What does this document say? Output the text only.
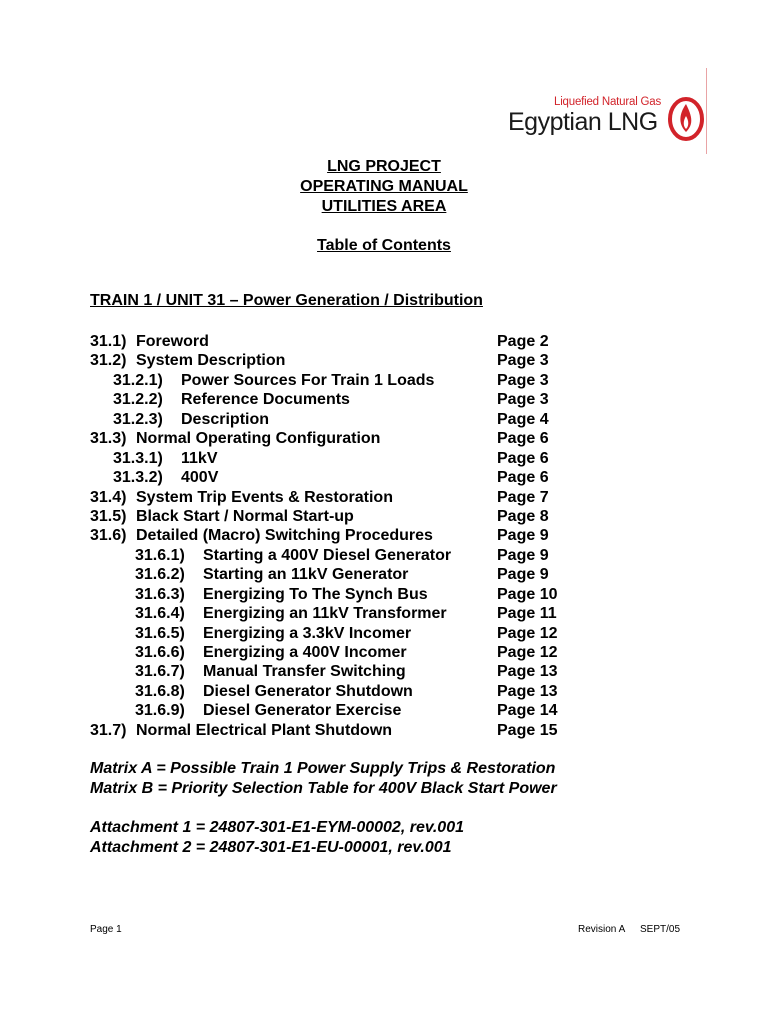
Liquefied Natural Gas
Egyptian LNG
LNG PROJECT
OPERATING MANUAL
UTILITIES AREA
Table of Contents
TRAIN 1 / UNIT 31 – Power Generation / Distribution
31.1) Foreword	Page 2
31.2) System Description	Page 3
31.2.1) Power Sources For Train 1 Loads	Page 3
31.2.2) Reference Documents	Page 3
31.2.3) Description	Page 4
31.3) Normal Operating Configuration	Page 6
31.3.1) 11kV	Page 6
31.3.2) 400V	Page 6
31.4) System Trip Events & Restoration	Page 7
31.5) Black Start / Normal Start-up	Page 8
31.6) Detailed (Macro) Switching Procedures	Page 9
31.6.1) Starting a 400V Diesel Generator	Page 9
31.6.2) Starting an 11kV Generator	Page 9
31.6.3) Energizing To The Synch Bus	Page 10
31.6.4) Energizing an 11kV Transformer	Page 11
31.6.5) Energizing a 3.3kV Incomer	Page 12
31.6.6) Energizing a 400V Incomer	Page 12
31.6.7) Manual Transfer Switching	Page 13
31.6.8) Diesel Generator Shutdown	Page 13
31.6.9) Diesel Generator Exercise	Page 14
31.7) Normal Electrical Plant Shutdown	Page 15
Matrix A = Possible Train 1 Power Supply Trips & Restoration
Matrix B = Priority Selection Table for 400V Black Start Power
Attachment 1 = 24807-301-E1-EYM-00002, rev.001
Attachment 2 = 24807-301-E1-EU-00001, rev.001
Page 1	Revision A SEPT/05
